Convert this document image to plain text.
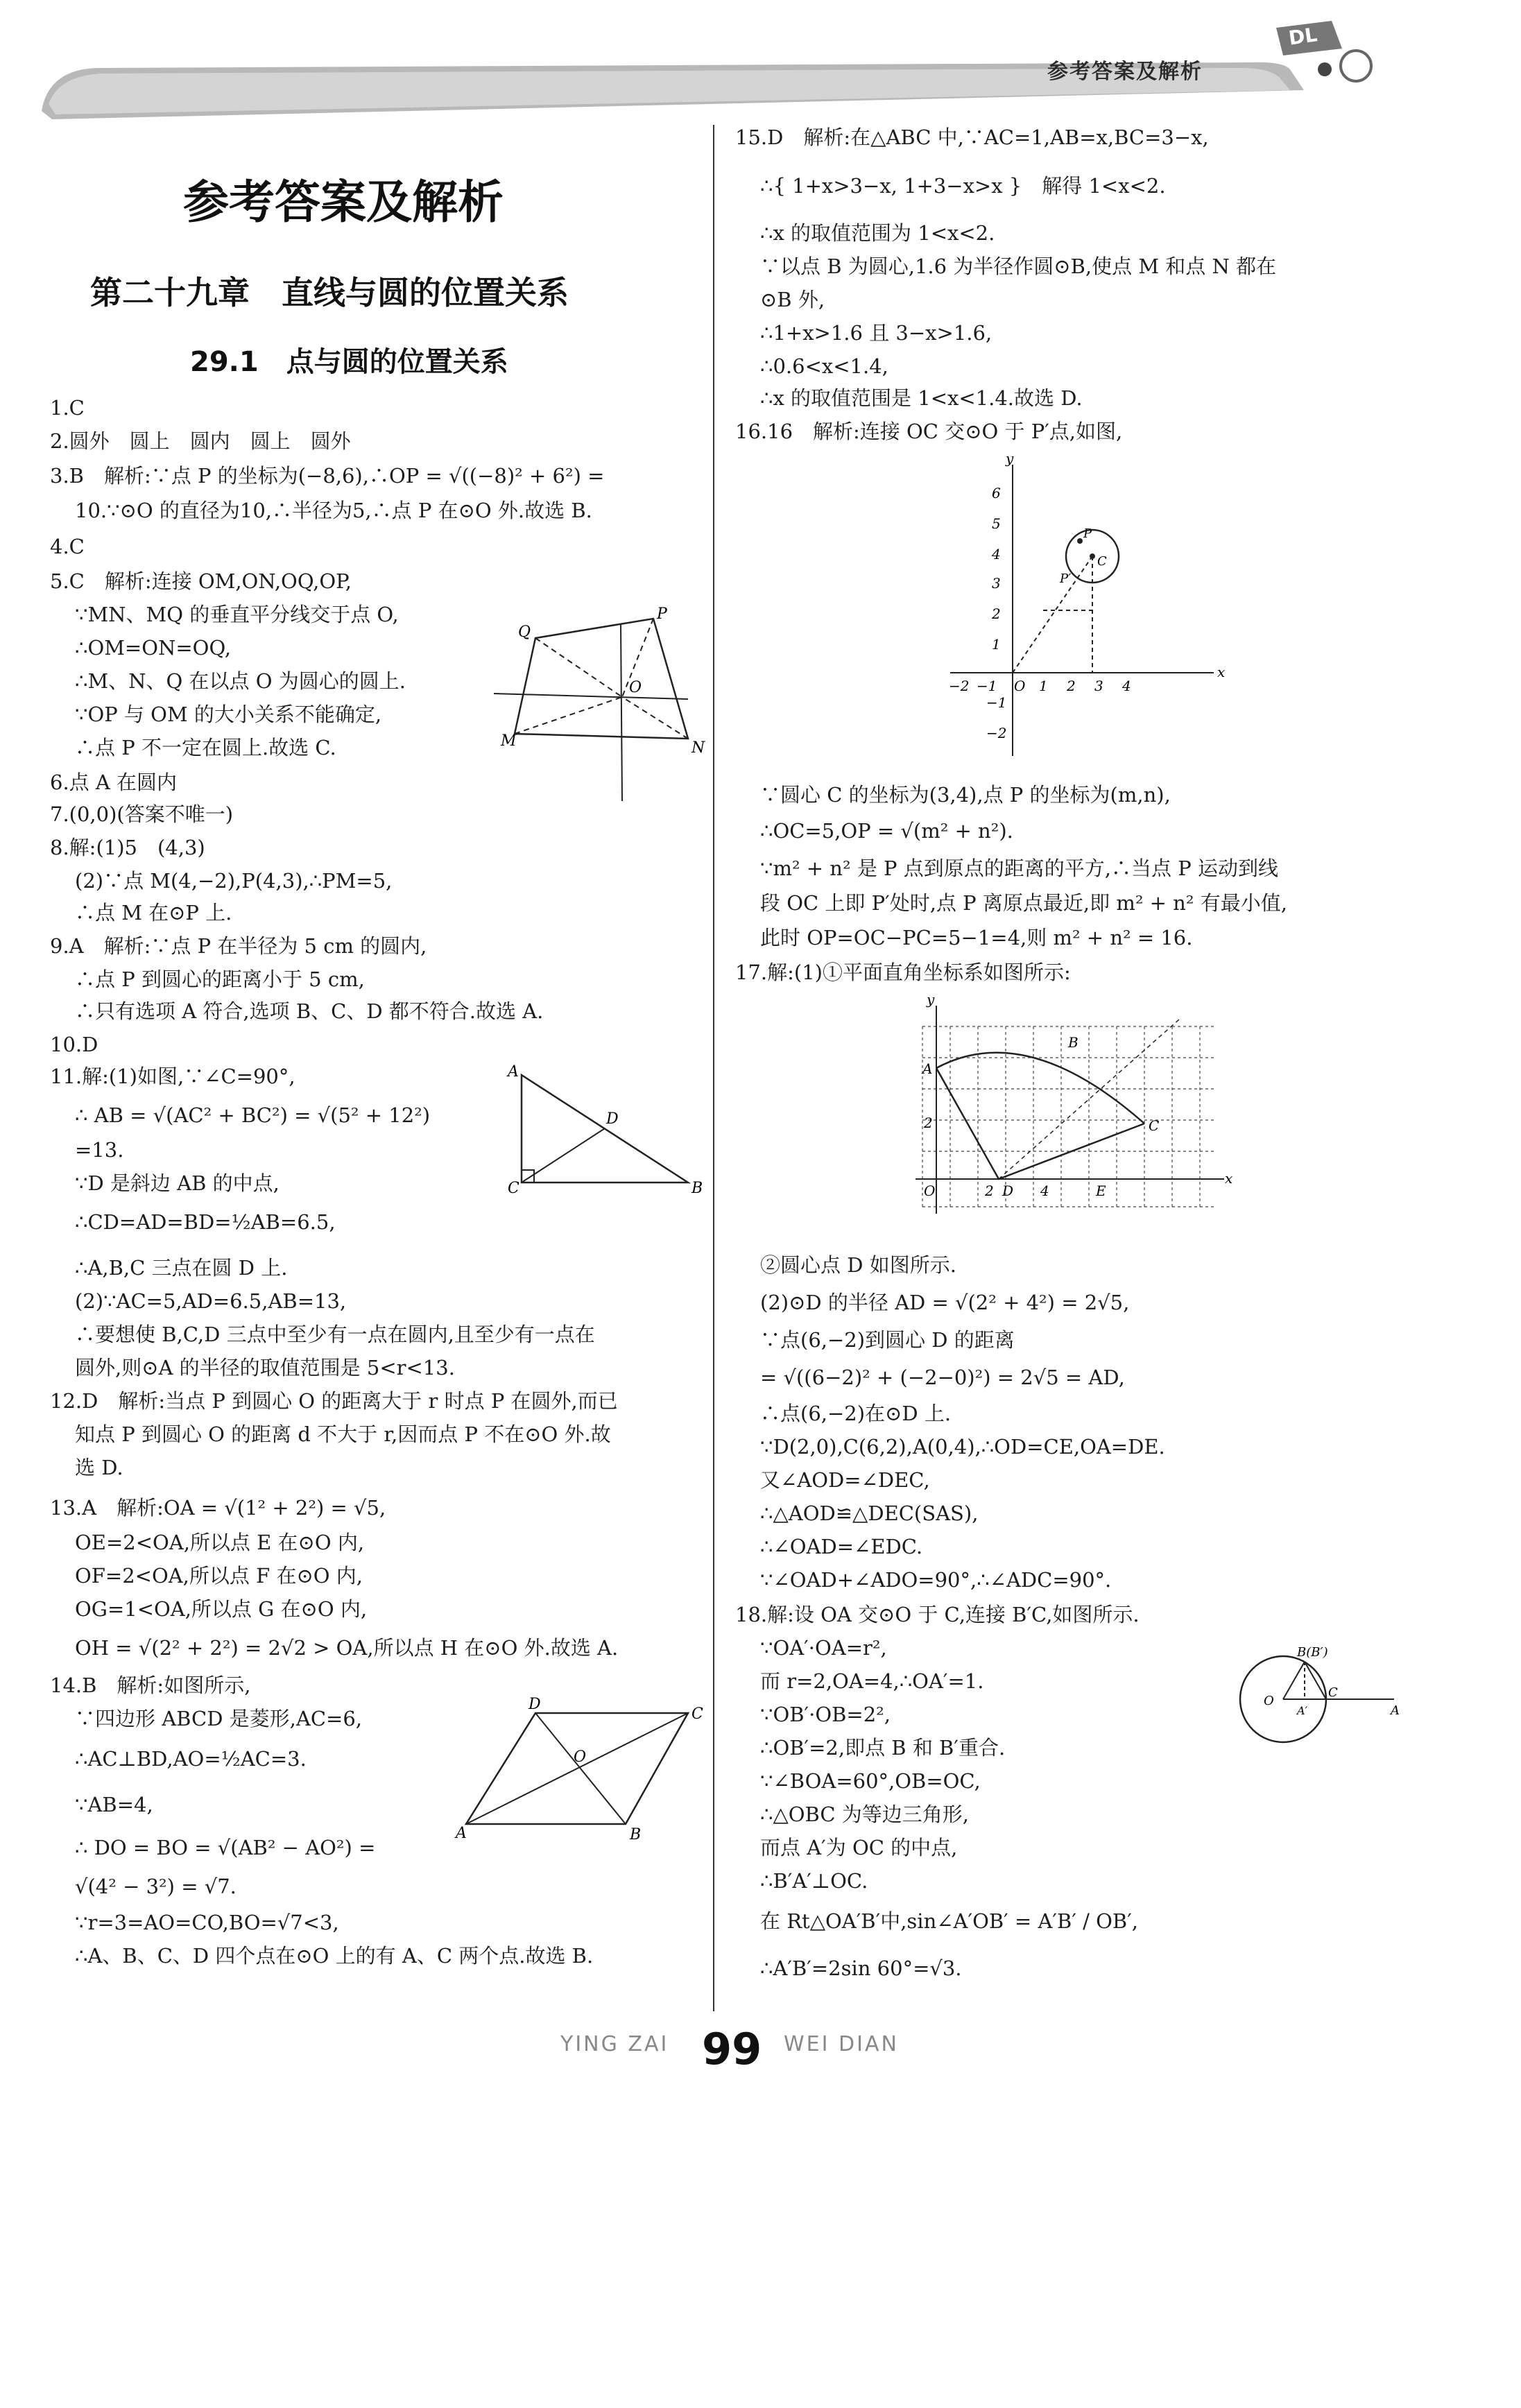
参考答案及解析
DL
参考答案及解析
第二十九章　直线与圆的位置关系
29.1　点与圆的位置关系
1.C
2.圆外　圆上　圆内　圆上　圆外
3.B　解析:∵点 P 的坐标为(−8,6),∴OP = √((−8)² + 6²) =
10.∵⊙O 的直径为10,∴半径为5,∴点 P 在⊙O 外.故选 B.
4.C
5.C　解析:连接 OM,ON,OQ,OP,
∵MN、MQ 的垂直平分线交于点 O,
∴OM=ON=OQ,
∴M、N、Q 在以点 O 为圆心的圆上.
∵OP 与 OM 的大小关系不能确定,
∴点 P 不一定在圆上.故选 C.
P
Q
O
M	N
6.点 A 在圆内
7.(0,0)(答案不唯一)
8.解:(1)5　(4,3)
(2)∵点 M(4,−2),P(4,3),∴PM=5,
∴点 M 在⊙P 上.
9.A　解析:∵点 P 在半径为 5 cm 的圆内,
∴点 P 到圆心的距离小于 5 cm,
∴只有选项 A 符合,选项 B、C、D 都不符合.故选 A.
10.D
11.解:(1)如图,∵∠C=90°,
∴ AB = √(AC² + BC²) = √(5² + 12²)
=13.
∵D 是斜边 AB 的中点,
∴CD=AD=BD=½AB=6.5,
∴A,B,C 三点在圆 D 上.
(2)∵AC=5,AD=6.5,AB=13,
∴要想使 B,C,D 三点中至少有一点在圆内,且至少有一点在
圆外,则⊙A 的半径的取值范围是 5<r<13.
A
D
C	B
12.D　解析:当点 P 到圆心 O 的距离大于 r 时点 P 在圆外,而已
知点 P 到圆心 O 的距离 d 不大于 r,因而点 P 不在⊙O 外.故
选 D.
13.A　解析:OA = √(1² + 2²) = √5,
OE=2<OA,所以点 E 在⊙O 内,
OF=2<OA,所以点 F 在⊙O 内,
OG=1<OA,所以点 G 在⊙O 内,
OH = √(2² + 2²) = 2√2 > OA,所以点 H 在⊙O 外.故选 A.
14.B　解析:如图所示,
∵四边形 ABCD 是菱形,AC=6,
∴AC⊥BD,AO=½AC=3.
∵AB=4,
∴ DO = BO = √(AB² − AO²) =
√(4² − 3²) = √7.
∵r=3=AO=CO,BO=√7<3,
∴A、B、C、D 四个点在⊙O 上的有 A、C 两个点.故选 B.
D
C
O
A	B
15.D　解析:在△ABC 中,∵AC=1,AB=x,BC=3−x,
∴{ 1+x>3−x, 1+3−x>x }　解得 1<x<2.
∴x 的取值范围为 1<x<2.
∵以点 B 为圆心,1.6 为半径作圆⊙B,使点 M 和点 N 都在
⊙B 外,
∴1+x>1.6 且 3−x>1.6,
∴0.6<x<1.4,
∴x 的取值范围是 1<x<1.4.故选 D.
16.16　解析:连接 OC 交⊙O 于 P′点,如图,
y
x
6
5
4
3
2
1
−1
−2
−2 −1 O 1 2 3 4
P
C
P′
∵圆心 C 的坐标为(3,4),点 P 的坐标为(m,n),
∴OC=5,OP = √(m² + n²).
∵m² + n² 是 P 点到原点的距离的平方,∴当点 P 运动到线
段 OC 上即 P′处时,点 P 离原点最近,即 m² + n² 有最小值,
此时 OP=OC−PC=5−1=4,则 m² + n² = 16.
17.解:(1)①平面直角坐标系如图所示:
y
A
B
2	C
O	2 D 4	E
x
②圆心点 D 如图所示.
(2)⊙D 的半径 AD = √(2² + 4²) = 2√5,
∵点(6,−2)到圆心 D 的距离
= √((6−2)² + (−2−0)²) = 2√5 = AD,
∴点(6,−2)在⊙D 上.
∵D(2,0),C(6,2),A(0,4),∴OD=CE,OA=DE.
又∠AOD=∠DEC,
∴△AOD≌△DEC(SAS),
∴∠OAD=∠EDC.
∵∠OAD+∠ADO=90°,∴∠ADC=90°.
18.解:设 OA 交⊙O 于 C,连接 B′C,如图所示.
∵OA′·OA=r²,
而 r=2,OA=4,∴OA′=1.
∵OB′·OB=2²,
∴OB′=2,即点 B 和 B′重合.
∵∠BOA=60°,OB=OC,
∴△OBC 为等边三角形,
而点 A′为 OC 的中点,
∴B′A′⊥OC.
在 Rt△OA′B′中,sin∠A′OB′ = A′B′ / OB′,
∴A′B′=2sin 60°=√3.
B(B′)
O
A′
C
A
YING ZAI	WEI DIAN
99
